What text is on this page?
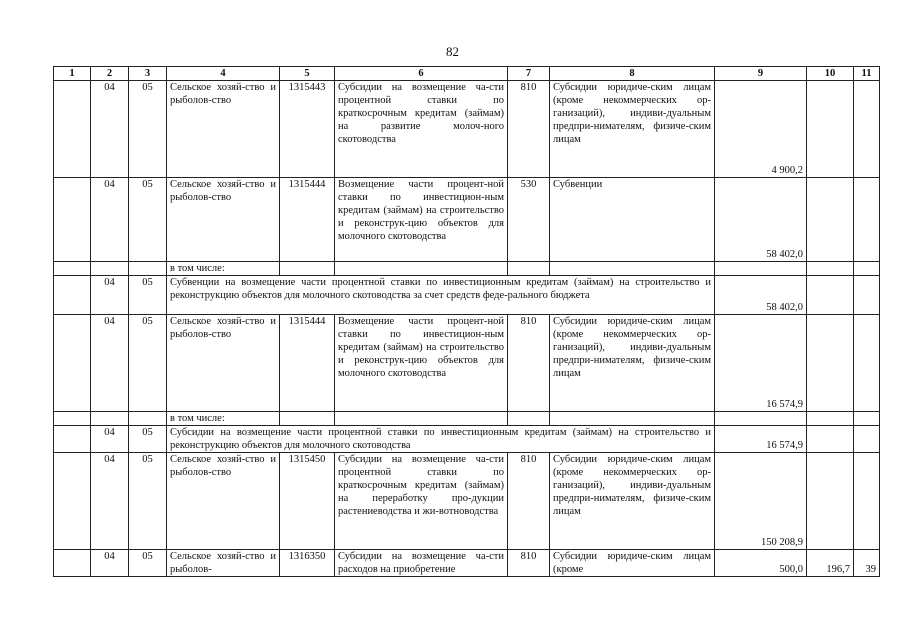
82
1	2	3	4	5	6	7	8	9	10	11
	04	05	Сельское хозяй-ство и рыболов-ство	1315443	Субсидии на возмещение ча-сти процентной ставки по краткосрочным кредитам (займам) на развитие молоч-ного скотоводства	810	Субсидии юридиче-ским лицам (кроме некоммерческих ор-ганизаций), индиви-дуальным предпри-нимателям, физиче-ским лицам	4 900,2		
	04	05	Сельское хозяй-ство и рыболов-ство	1315444	Возмещение части процент-ной ставки по инвестицион-ным кредитам (займам) на строительство и реконструк-цию объектов для молочного скотоводства	530	Субвенции	58 402,0		
			в том числе:							
	04	05	Субвенции на возмещение части процентной ставки по инвестиционным кредитам (займам) на строительство и реконструкцию объектов для молочного скотоводства за счет средств феде-рального бюджета					58 402,0		
	04	05	Сельское хозяй-ство и рыболов-ство	1315444	Возмещение части процент-ной ставки по инвестицион-ным кредитам (займам) на строительство и реконструк-цию объектов для молочного скотоводства	810	Субсидии юридиче-ским лицам (кроме некоммерческих ор-ганизаций), индиви-дуальным предпри-нимателям, физиче-ским лицам	16 574,9		
			в том числе:							
	04	05	Субсидии на возмещение части процентной ставки по инвестиционным кредитам (займам) на строительство и реконструкцию объектов для молочного скотоводства					16 574,9		
	04	05	Сельское хозяй-ство и рыболов-ство	1315450	Субсидии на возмещение ча-сти процентной ставки по краткосрочным кредитам (займам) на переработку про-дукции растениеводства и жи-вотноводства	810	Субсидии юридиче-ским лицам (кроме некоммерческих ор-ганизаций), индиви-дуальным предпри-нимателям, физиче-ским лицам	150 208,9		
	04	05	Сельское хозяй-ство и рыболов-	1316350	Субсидии на возмещение ча-сти расходов на приобретение	810	Субсидии юридиче-ским лицам (кроме	500,0	196,7	39
